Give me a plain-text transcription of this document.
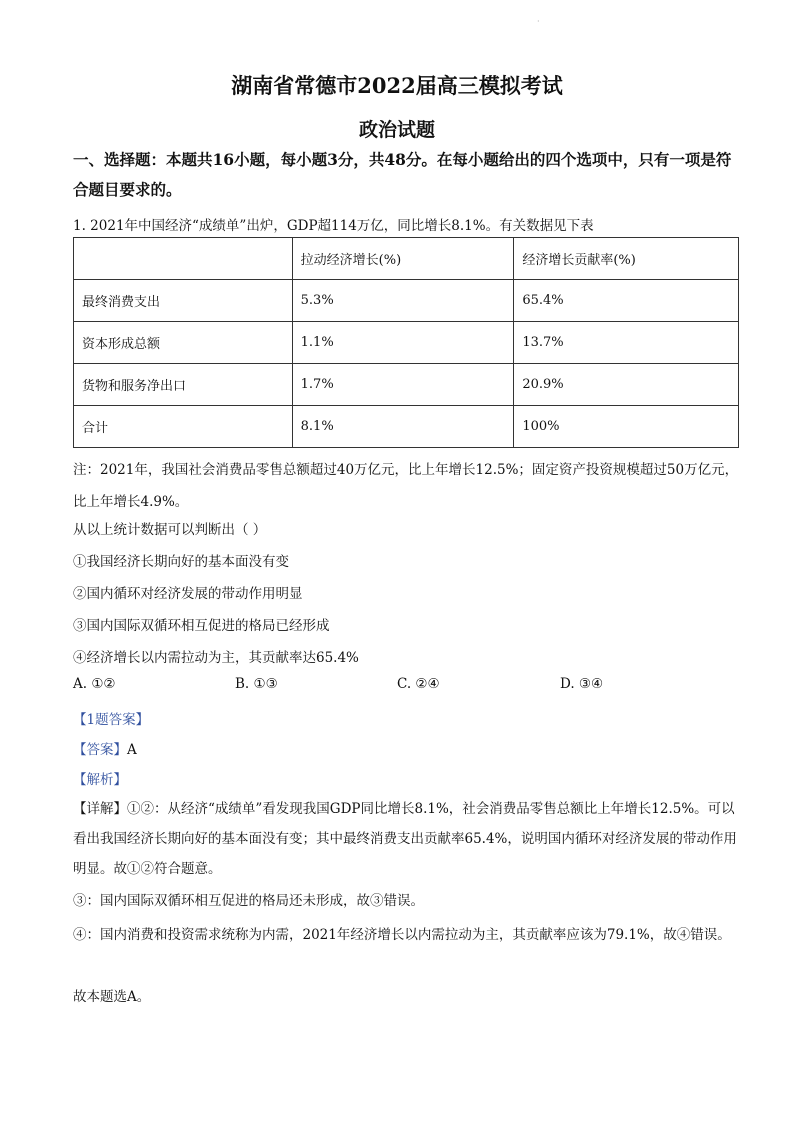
·
湖南省常德市2022届高三模拟考试
政治试题
一、选择题：本题共16小题，每小题3分，共48分。在每小题给出的四个选项中，只有一项是符合题目要求的。
1. 2021年中国经济“成绩单”出炉，GDP超114万亿，同比增长8.1%。有关数据见下表
	拉动经济增长(%)	经济增长贡献率(%)
最终消费支出	5.3%	65.4%
资本形成总额	1.1%	13.7%
货物和服务净出口	1.7%	20.9%
合计	8.1%	100%
注：2021年，我国社会消费品零售总额超过40万亿元，比上年增长12.5%；固定资产投资规模超过50万亿元，比上年增长4.9%。
从以上统计数据可以判断出（ ）
①我国经济长期向好的基本面没有变
②国内循环对经济发展的带动作用明显
③国内国际双循环相互促进的格局已经形成
④经济增长以内需拉动为主，其贡献率达65.4%
A. ①②	B. ①③	C. ②④	D. ③④
【1题答案】
【答案】A
【解析】
【详解】①②：从经济“成绩单”看发现我国GDP同比增长8.1%，社会消费品零售总额比上年增长12.5%。可以看出我国经济长期向好的基本面没有变；其中最终消费支出贡献率65.4%，说明国内循环对经济发展的带动作用明显。故①②符合题意。
③：国内国际双循环相互促进的格局还未形成，故③错误。
④：国内消费和投资需求统称为内需，2021年经济增长以内需拉动为主，其贡献率应该为79.1%，故④错误。
故本题选A。
